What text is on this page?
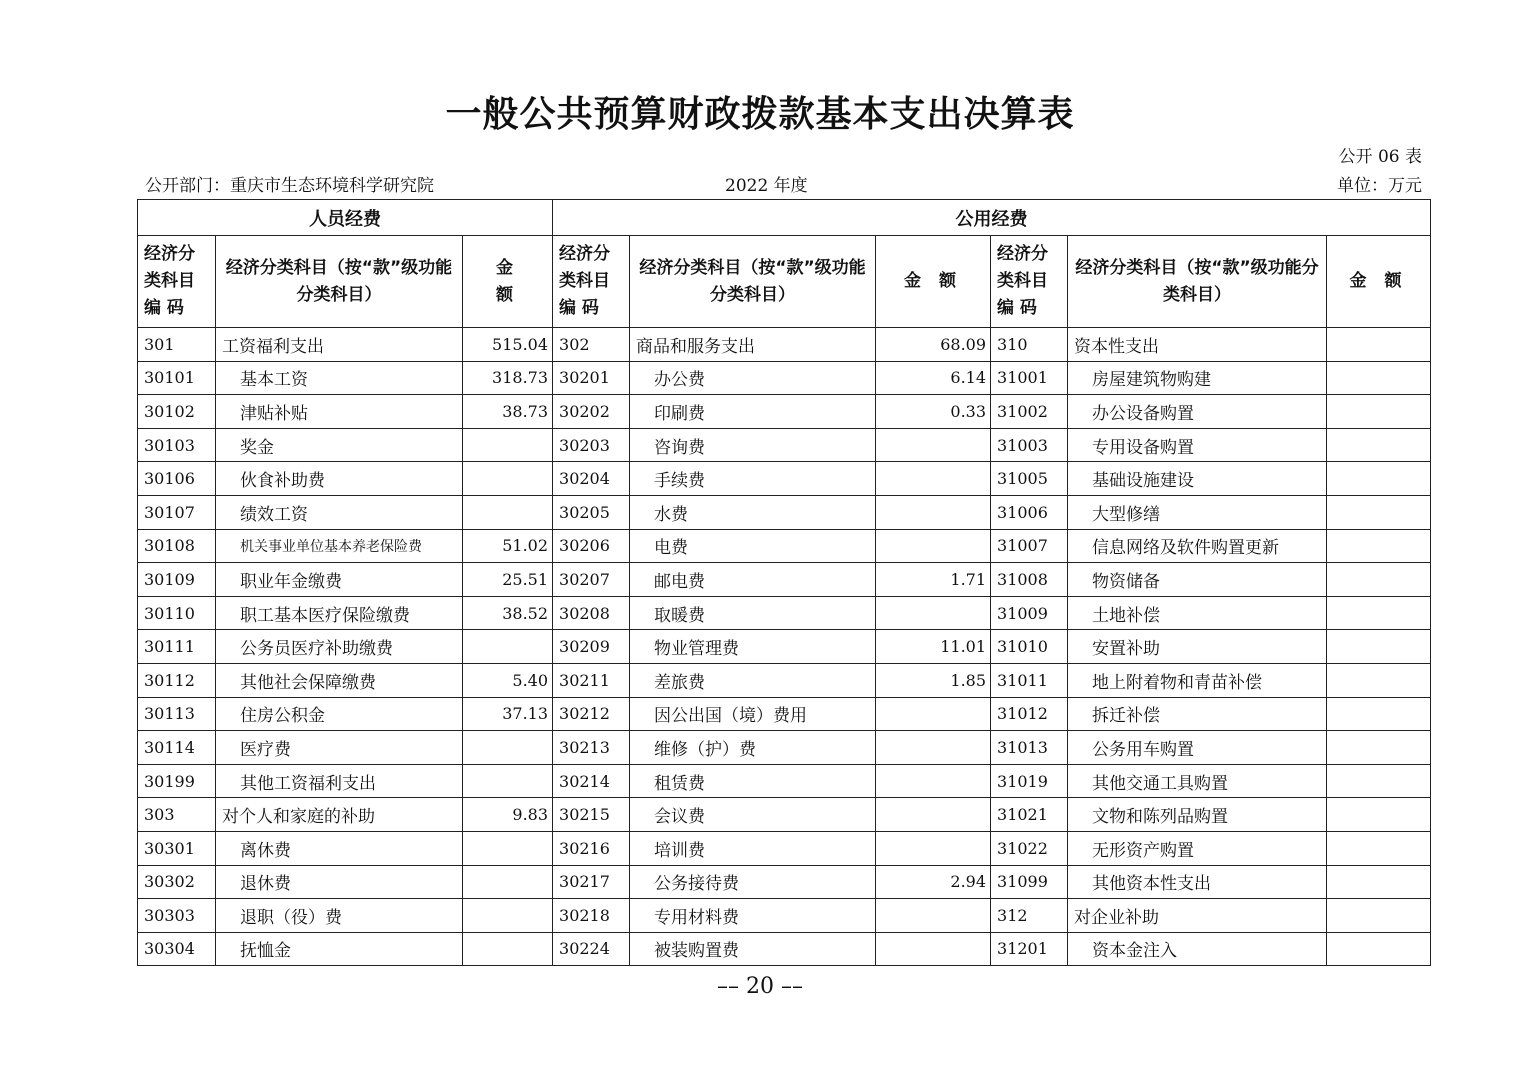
一般公共预算财政拨款基本支出决算表
公开 06 表
公开部门：重庆市生态环境科学研究院	2022 年度	单位：万元
人员经费			公用经费					
经济分类科目编 码	经济分类科目（按“款”级功能分类科目）	金额	经济分类科目编 码	经济分类科目（按“款”级功能分类科目）	金额	经济分类科目编 码	经济分类科目（按“款”级功能分类科目）	金额
301	工资福利支出	515.04	302	商品和服务支出	68.09	310	资本性支出	
30101	基本工资	318.73	30201	办公费	6.14	31001	房屋建筑物购建	
30102	津贴补贴	38.73	30202	印刷费	0.33	31002	办公设备购置	
30103	奖金		30203	咨询费		31003	专用设备购置	
30106	伙食补助费		30204	手续费		31005	基础设施建设	
30107	绩效工资		30205	水费		31006	大型修缮	
30108	机关事业单位基本养老保险费	51.02	30206	电费		31007	信息网络及软件购置更新	
30109	职业年金缴费	25.51	30207	邮电费	1.71	31008	物资储备	
30110	职工基本医疗保险缴费	38.52	30208	取暖费		31009	土地补偿	
30111	公务员医疗补助缴费		30209	物业管理费	11.01	31010	安置补助	
30112	其他社会保障缴费	5.40	30211	差旅费	1.85	31011	地上附着物和青苗补偿	
30113	住房公积金	37.13	30212	因公出国（境）费用		31012	拆迁补偿	
30114	医疗费		30213	维修（护）费		31013	公务用车购置	
30199	其他工资福利支出		30214	租赁费		31019	其他交通工具购置	
303	对个人和家庭的补助	9.83	30215	会议费		31021	文物和陈列品购置	
30301	离休费		30216	培训费		31022	无形资产购置	
30302	退休费		30217	公务接待费	2.94	31099	其他资本性支出	
30303	退职（役）费		30218	专用材料费		312	对企业补助	
30304	抚恤金		30224	被装购置费		31201	资本金注入	
–– 20 ––
